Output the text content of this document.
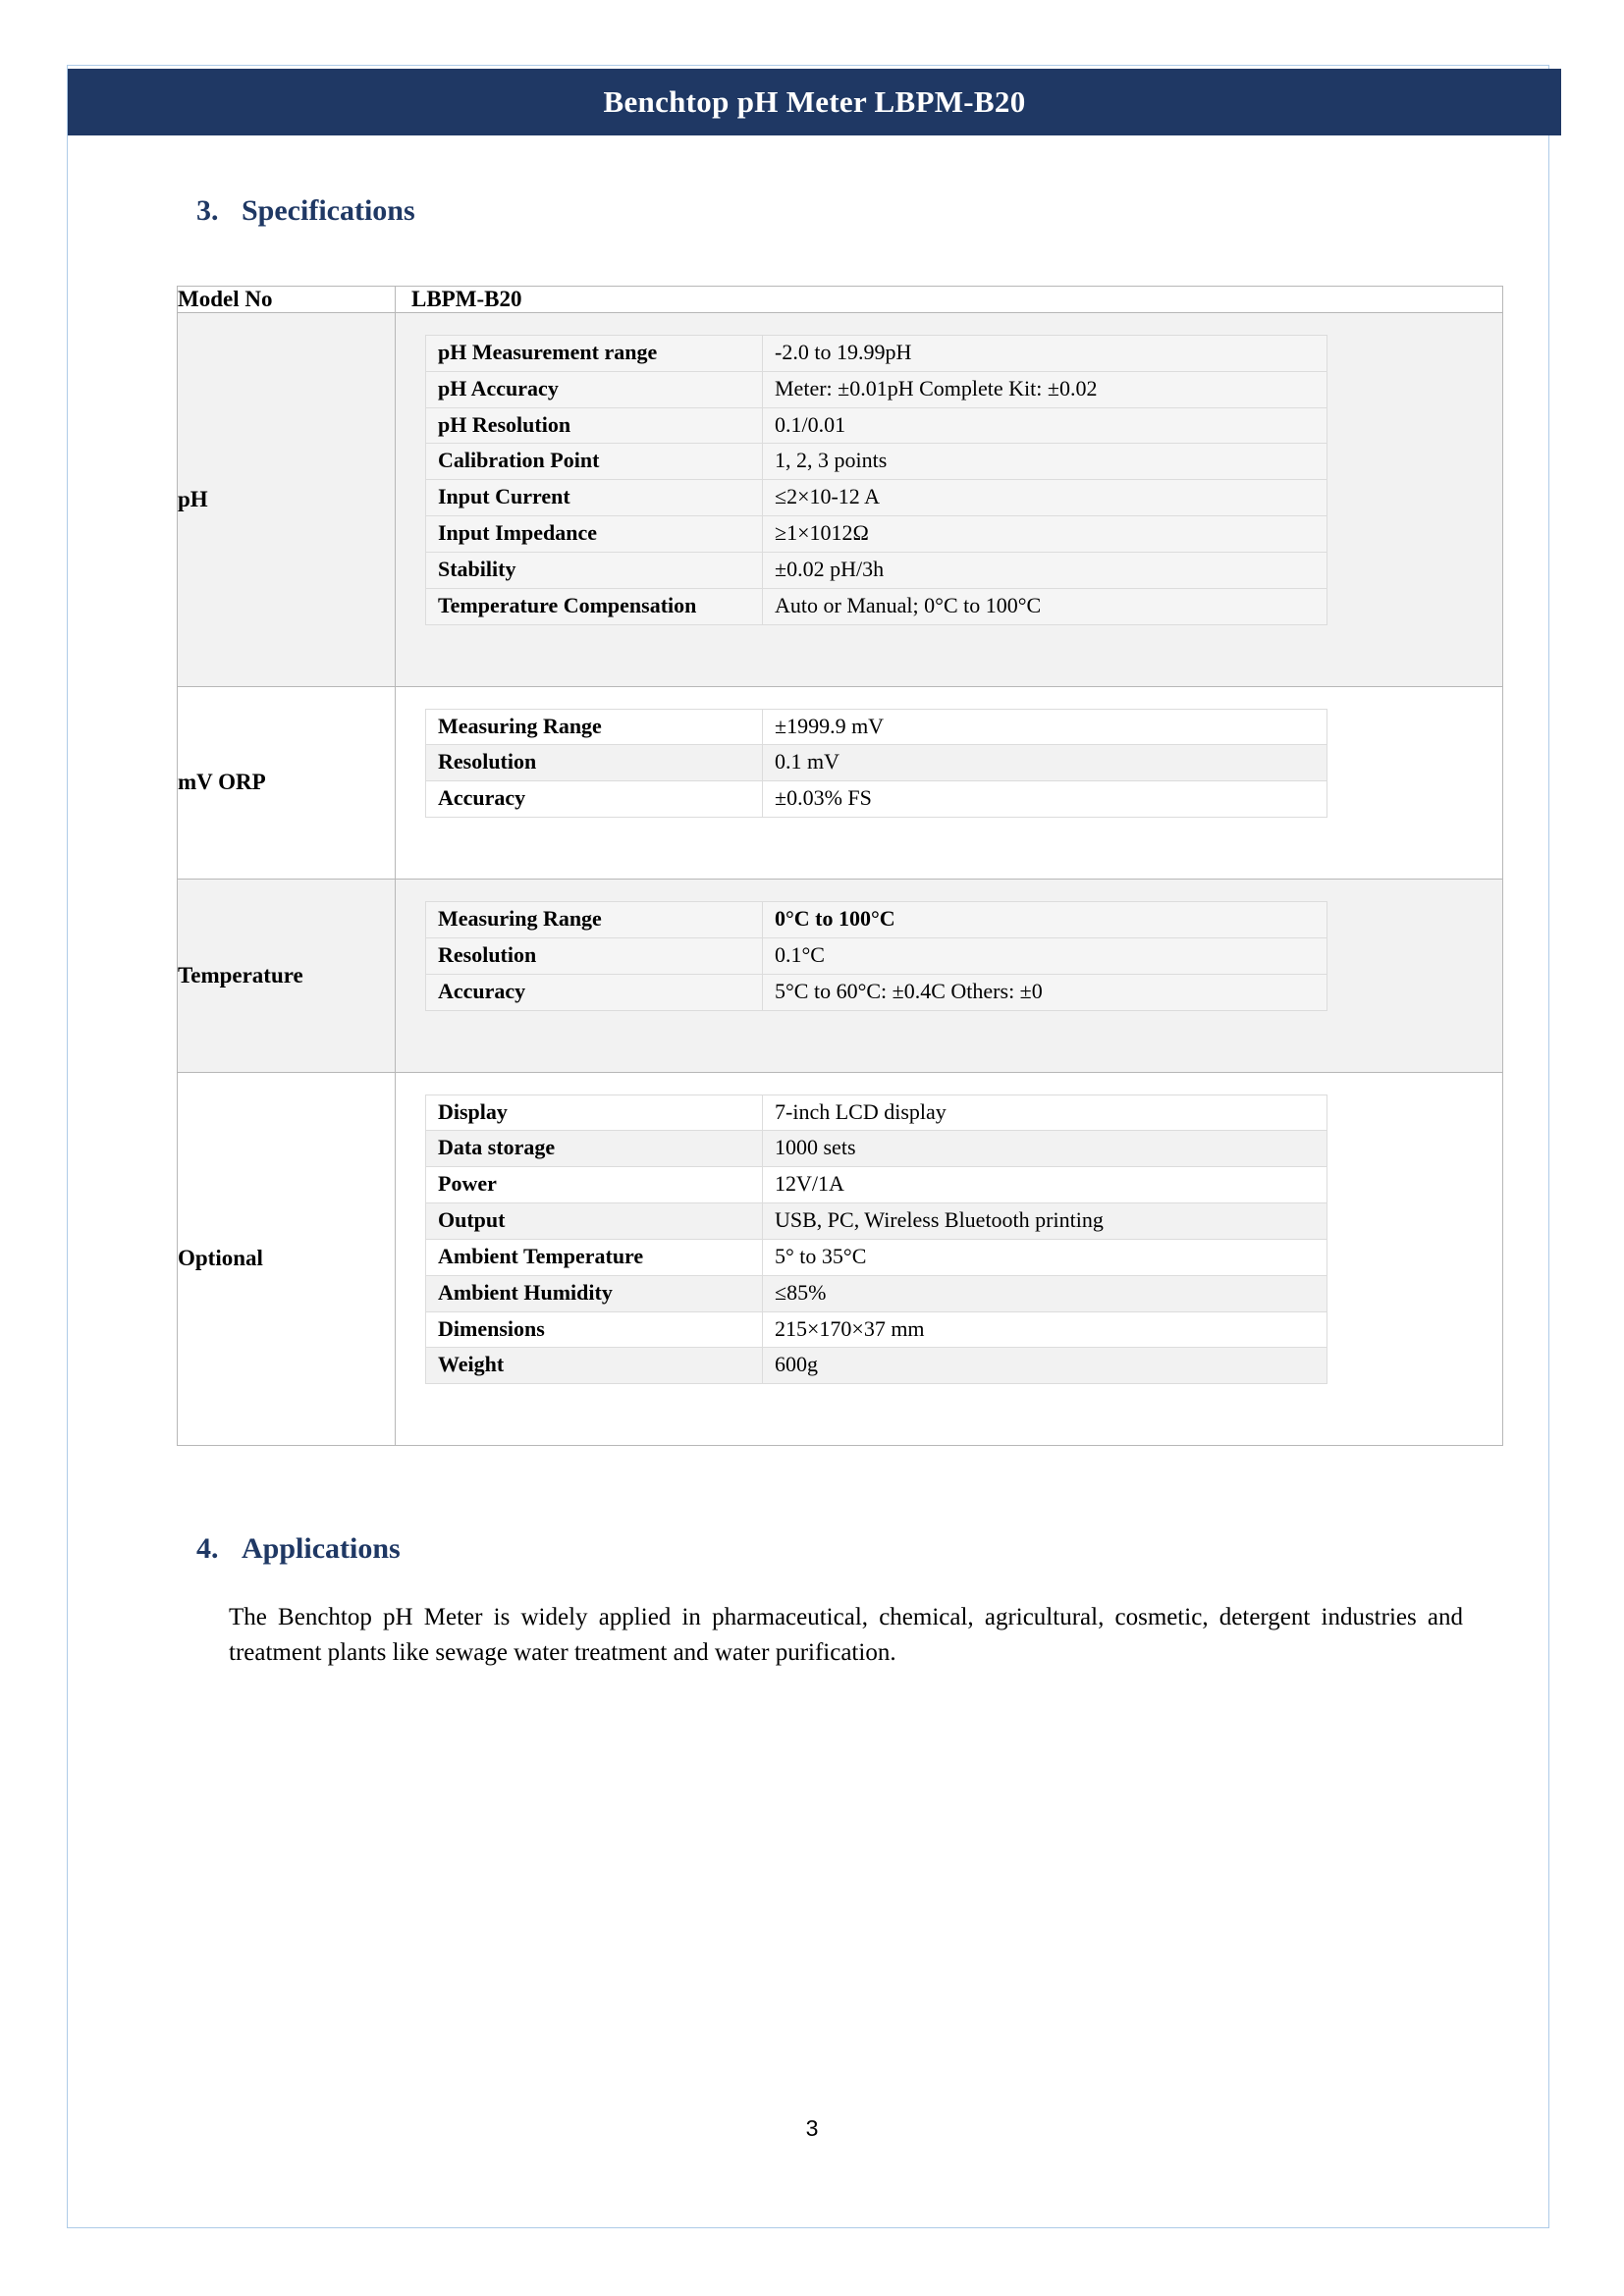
Benchtop pH Meter LBPM-B20
3. Specifications
Model No	LBPM-B20
pH	
pH Measurement range	-2.0 to 19.99pH
pH Accuracy	Meter: ±0.01pH Complete Kit: ±0.02
pH Resolution	0.1/0.01
Calibration Point	1, 2, 3 points
Input Current	≤2×10-12 A
Input Impedance	≥1×1012Ω
Stability	±0.02 pH/3h
Temperature Compensation	Auto or Manual; 0°C to 100°C

mV ORP	
Measuring Range	±1999.9 mV
Resolution	0.1 mV
Accuracy	±0.03% FS

Temperature	
Measuring Range	0°C to 100°C
Resolution	0.1°C
Accuracy	5°C to 60°C: ±0.4C Others: ±0

Optional	
Display	7-inch LCD display
Data storage	1000 sets
Power	12V/1A
Output	USB, PC, Wireless Bluetooth printing
Ambient Temperature	5° to 35°C
Ambient Humidity	≤85%
Dimensions	215×170×37 mm
Weight	600g
4. Applications

The Benchtop pH Meter is widely applied in pharmaceutical, chemical, agricultural, cosmetic, detergent industries and treatment plants like sewage water treatment and water purification.

3
